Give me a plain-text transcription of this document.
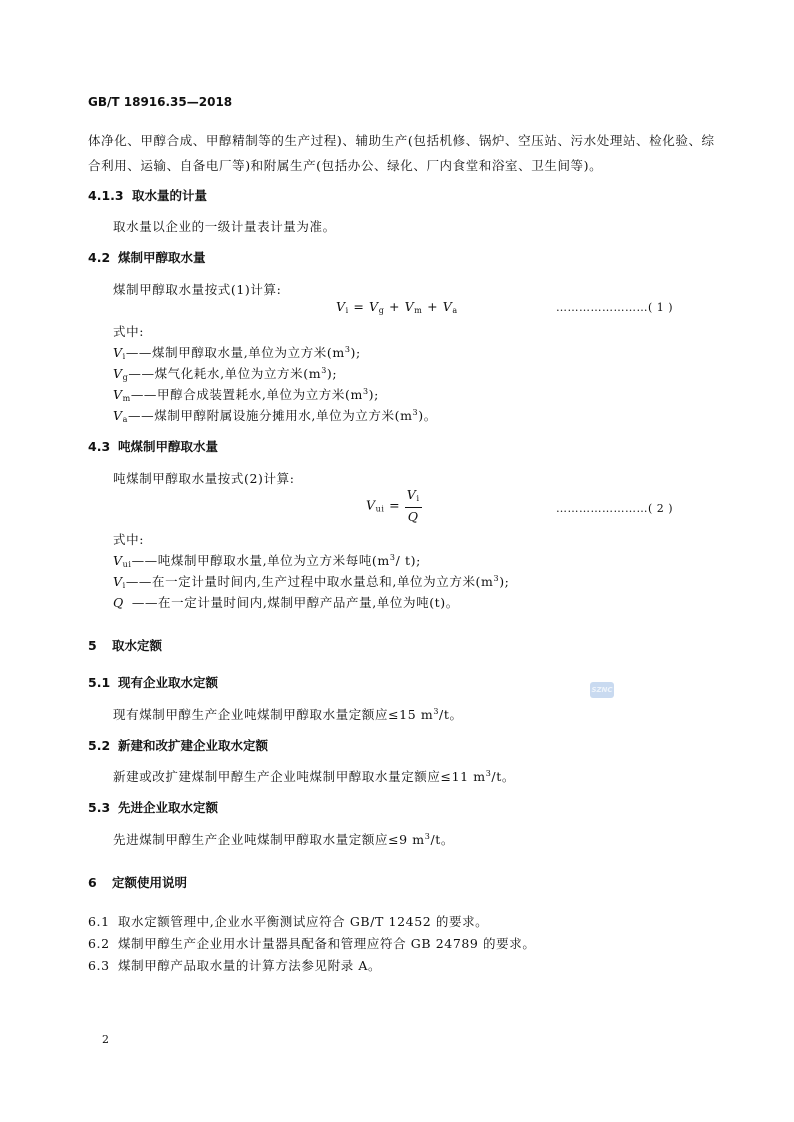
GB/T 18916.35—2018
体净化、甲醇合成、甲醇精制等的生产过程)、辅助生产(包括机修、锅炉、空压站、污水处理站、检化验、综
合利用、运输、自备电厂等)和附属生产(包括办公、绿化、厂内食堂和浴室、卫生间等)。
4.1.3 取水量的计量
取水量以企业的一级计量表计量为准。
4.2 煤制甲醇取水量
煤制甲醇取水量按式(1)计算:
$V_i = V_g + V_m + V_a$	……………………( 1 )
式中:
$V_i——$煤制甲醇取水量,单位为立方米$(m^3)$;
$V_g——$煤气化耗水,单位为立方米$(m^3)$;
$V_m——$甲醇合成装置耗水,单位为立方米$(m^3)$;
$V_a——$煤制甲醇附属设施分摊用水,单位为立方米$(m^3)$。
4.3 吨煤制甲醇取水量
吨煤制甲醇取水量按式(2)计算:
$V_{ui} = \frac{V_i}{Q}$	……………………( 2 )
式中:
$V_{ui}——$吨煤制甲醇取水量,单位为立方米每吨($m^3/$ t);
$V_i——$在一定计量时间内,生产过程中取水量总和,单位为立方米$(m^3)$;
Q ——在一定计量时间内,煤制甲醇产品产量,单位为吨(t)。
5 取水定额
5.1 现有企业取水定额
现有煤制甲醇生产企业吨煤制甲醇取水量定额应≤15 $m^3/t$。
SZNC
5.2 新建和改扩建企业取水定额
新建或改扩建煤制甲醇生产企业吨煤制甲醇取水量定额应≤11 $m^3/t$。
5.3 先进企业取水定额
先进煤制甲醇生产企业吨煤制甲醇取水量定额应≤9 $m^3/t$。
6 定额使用说明
6.1 取水定额管理中,企业水平衡测试应符合 GB/T 12452 的要求。
6.2 煤制甲醇生产企业用水计量器具配备和管理应符合 GB 24789 的要求。
6.3 煤制甲醇产品取水量的计算方法参见附录 A。
2
